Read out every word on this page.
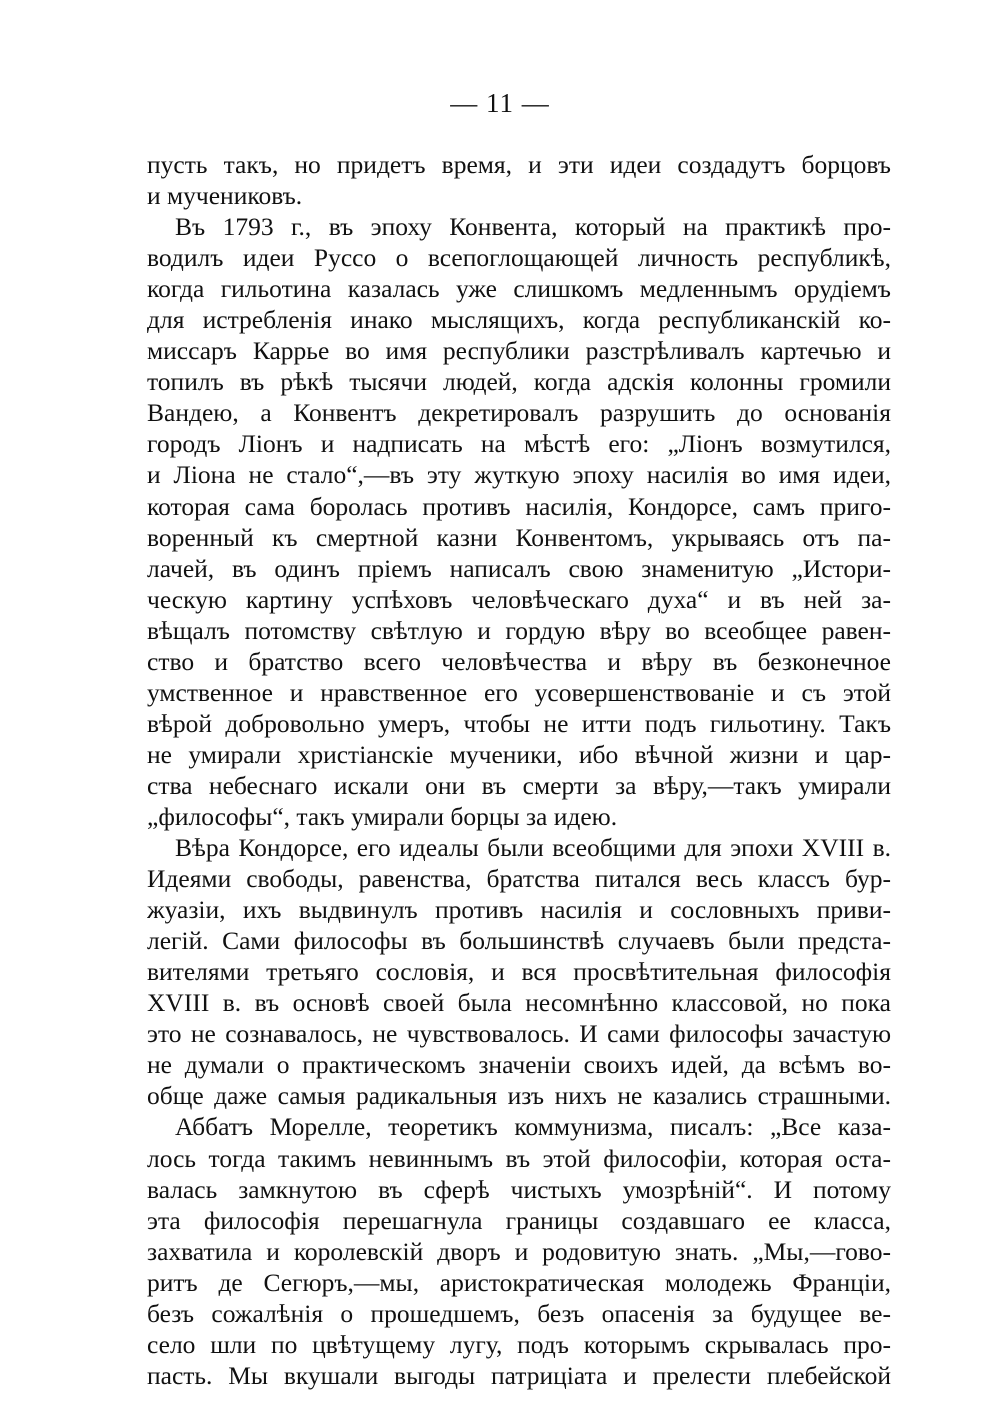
— 11 —
пусть такъ, но придетъ время, и эти идеи создадутъ борцовъ
и мучениковъ.
Въ 1793 г., въ эпоху Конвента, который на практикѣ про-
водилъ идеи Руссо о всепоглощающей личность республикѣ,
когда гильотина казалась уже слишкомъ медленнымъ орудіемъ
для истребленія инако мыслящихъ, когда республиканскій ко-
миссаръ Каррье во имя республики разстрѣливалъ картечью и
топилъ въ рѣкѣ тысячи людей, когда адскія колонны громили
Вандею, а Конвентъ декретировалъ разрушить до основанія
городъ Ліонъ и надписать на мѣстѣ его: „Ліонъ возмутился,
и Ліона не стало“,—въ эту жуткую эпоху насилія во имя идеи,
которая сама боролась противъ насилія, Кондорсе, самъ приго-
воренный къ смертной казни Конвентомъ, укрываясь отъ па-
лачей, въ одинъ пріемъ написалъ свою знаменитую „Истори-
ческую картину успѣховъ человѣческаго духа“ и въ ней за-
вѣщалъ потомству свѣтлую и гордую вѣру во всеобщее равен-
ство и братство всего человѣчества и вѣру въ безконечное
умственное и нравственное его усовершенствованіе и съ этой
вѣрой добровольно умеръ, чтобы не итти подъ гильотину. Такъ
не умирали христіанскіе мученики, ибо вѣчной жизни и цар-
ства небеснаго искали они въ смерти за вѣру,—такъ умирали
„философы“, такъ умирали борцы за идею.
Вѣра Кондорсе, его идеалы были всеобщими для эпохи XVIII в.
Идеями свободы, равенства, братства питался весь классъ бур-
жуазіи, ихъ выдвинулъ противъ насилія и сословныхъ приви-
легій. Сами философы въ большинствѣ случаевъ были предста-
вителями третьяго сословія, и вся просвѣтительная философія
XVIII в. въ основѣ своей была несомнѣнно классовой, но пока
это не сознавалось, не чувствовалось. И сами философы зачастую
не думали о практическомъ значеніи своихъ идей, да всѣмъ во-
обще даже самыя радикальныя изъ нихъ не казались страшными.
Аббатъ Морелле, теоретикъ коммунизма, писалъ: „Все каза-
лось тогда такимъ невиннымъ въ этой философіи, которая оста-
валась замкнутою въ сферѣ чистыхъ умозрѣній“. И потому
эта философія перешагнула границы создавшаго ее класса,
захватила и королевскій дворъ и родовитую знать. „Мы,—гово-
ритъ де Сегюръ,—мы, аристократическая молодежь Франціи,
безъ сожалѣнія о прошедшемъ, безъ опасенія за будущее ве-
село шли по цвѣтущему лугу, подъ которымъ скрывалась про-
пасть. Мы вкушали выгоды патриціата и прелести плебейской
